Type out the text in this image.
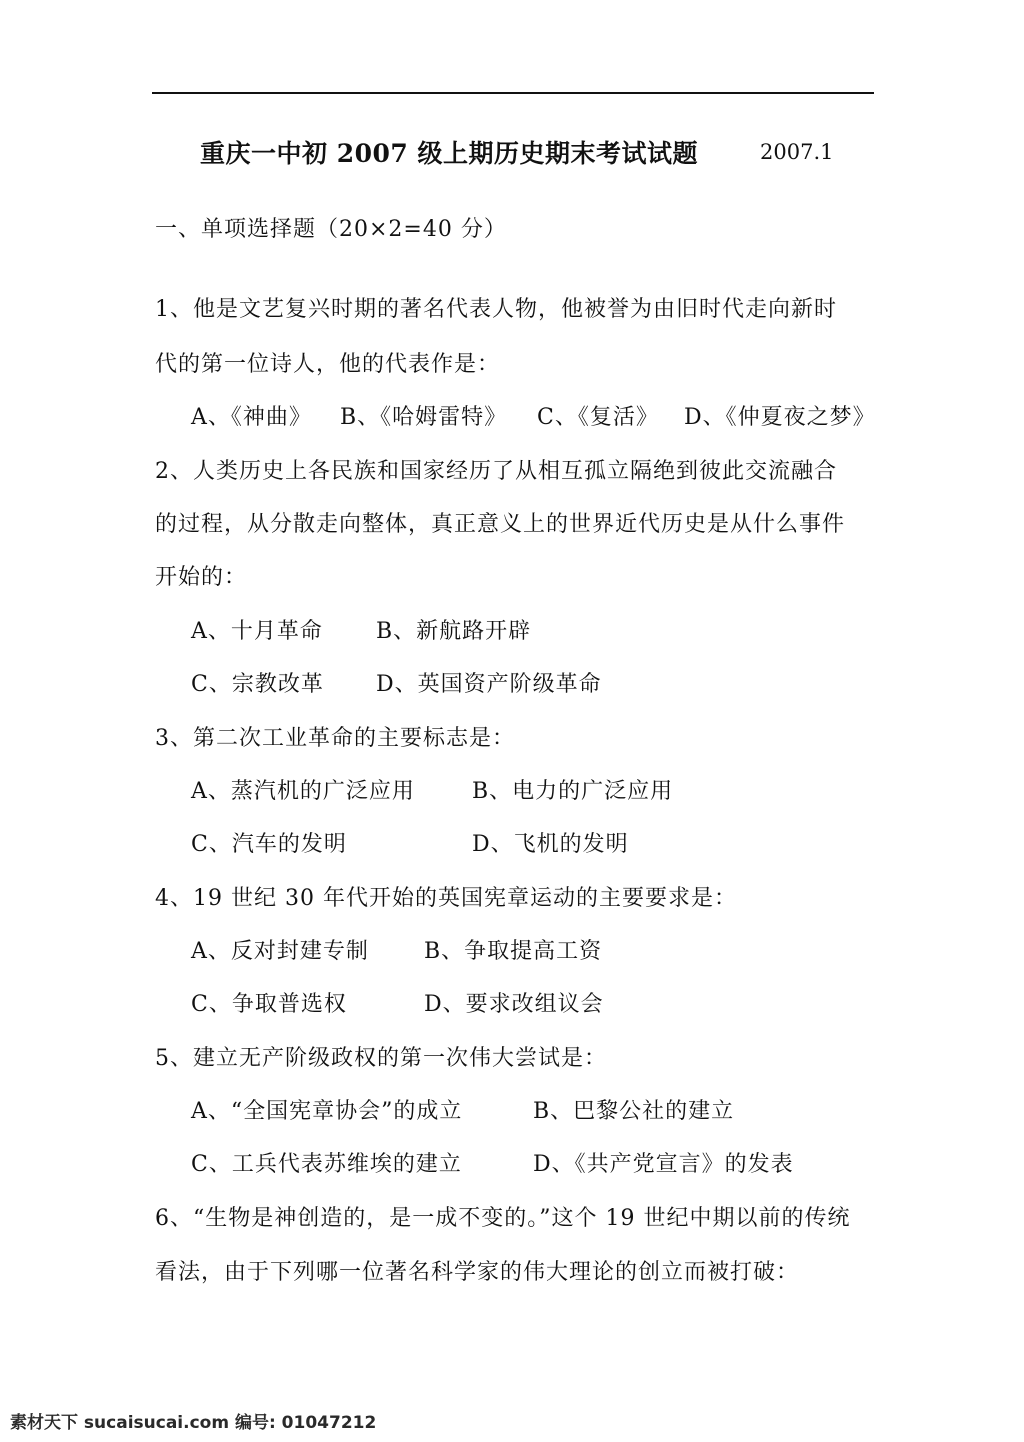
重庆一中初 2007 级上期历史期末考试试题	2007.1
一、单项选择题（20×2=40 分）
1、他是文艺复兴时期的著名代表人物，他被誉为由旧时代走向新时
代的第一位诗人，他的代表作是：
A、《神曲》 B、《哈姆雷特》 C、《复活》 D、《仲夏夜之梦》
2、人类历史上各民族和国家经历了从相互孤立隔绝到彼此交流融合
的过程，从分散走向整体，真正意义上的世界近代历史是从什么事件
开始的：
A、十月革命 B、新航路开辟
C、宗教改革 D、英国资产阶级革命
3、第二次工业革命的主要标志是：
A、蒸汽机的广泛应用	B、电力的广泛应用
C、汽车的发明	D、飞机的发明
4、19 世纪 30 年代开始的英国宪章运动的主要要求是：
A、反对封建专制	B、争取提高工资
C、争取普选权	D、要求改组议会
5、建立无产阶级政权的第一次伟大尝试是：
A、“全国宪章协会”的成立	B、巴黎公社的建立
C、工兵代表苏维埃的建立	D、《共产党宣言》的发表
6、“生物是神创造的，是一成不变的。”这个 19 世纪中期以前的传统
看法，由于下列哪一位著名科学家的伟大理论的创立而被打破：
素材天下 sucaisucai.com 编号: 01047212
